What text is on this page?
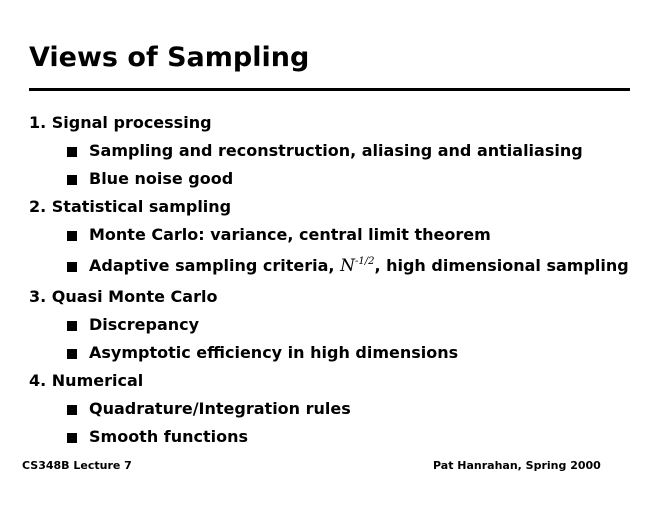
Views of Sampling
1. Signal processing
Sampling and reconstruction, aliasing and antialiasing
Blue noise good
2. Statistical sampling
Monte Carlo: variance, central limit theorem
Adaptive sampling criteria, $N^{-1/2}$, high dimensional sampling
3. Quasi Monte Carlo
Discrepancy
Asymptotic efficiency in high dimensions
4. Numerical
Quadrature/Integration rules
Smooth functions
CS348B Lecture 7	Pat Hanrahan, Spring 2000
